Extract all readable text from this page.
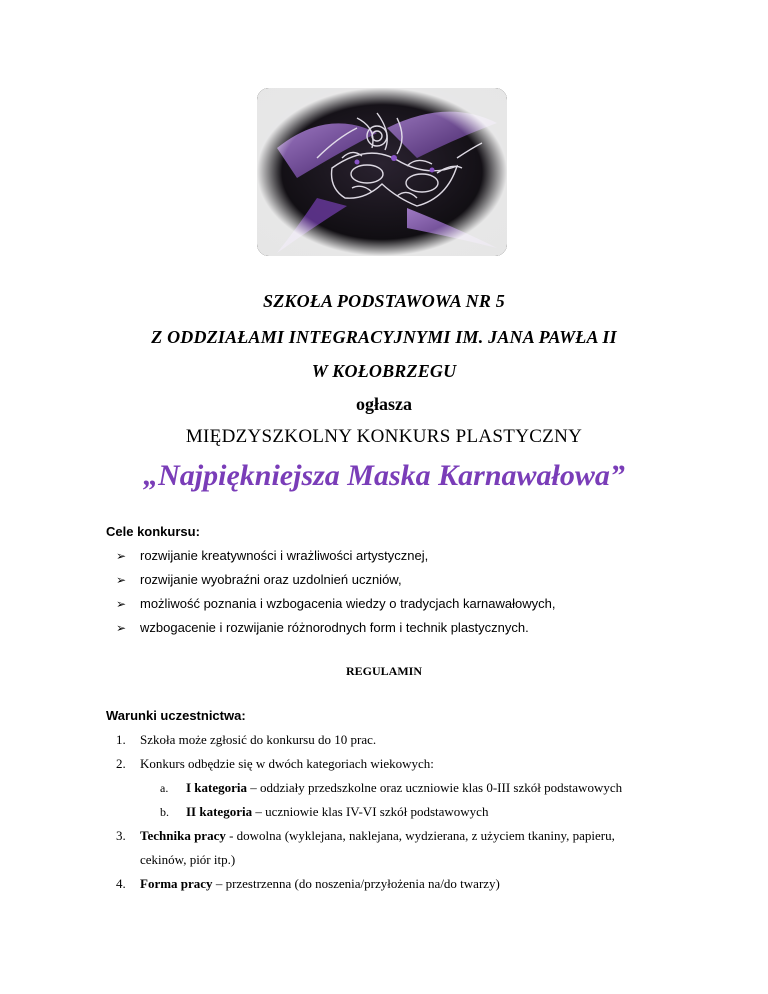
SZKOŁA PODSTAWOWA NR 5
Z ODDZIAŁAMI INTEGRACYJNYMI IM. JANA PAWŁA II
W KOŁOBRZEGU
ogłasza
MIĘDZYSZKOLNY KONKURS PLASTYCZNY
„Najpiękniejsza Maska Karnawałowa”
Cele konkursu:
➢	rozwijanie kreatywności i wrażliwości artystycznej,
➢	rozwijanie wyobraźni oraz uzdolnień uczniów,
➢	możliwość poznania i wzbogacenia wiedzy o tradycjach karnawałowych,
➢	wzbogacenie i rozwijanie różnorodnych form i technik plastycznych.
REGULAMIN
Warunki uczestnictwa:
1. Szkoła może zgłosić do konkursu do 10 prac.
2. Konkurs odbędzie się w dwóch kategoriach wiekowych:
a. I kategoria – oddziały przedszkolne oraz uczniowie klas 0-III szkół podstawowych
b. II kategoria – uczniowie klas IV-VI szkół podstawowych
3. Technika pracy - dowolna (wyklejana, naklejana, wydzierana, z użyciem tkaniny, papieru,
cekinów, piór itp.)
4. Forma pracy – przestrzenna (do noszenia/przyłożenia na/do twarzy)
